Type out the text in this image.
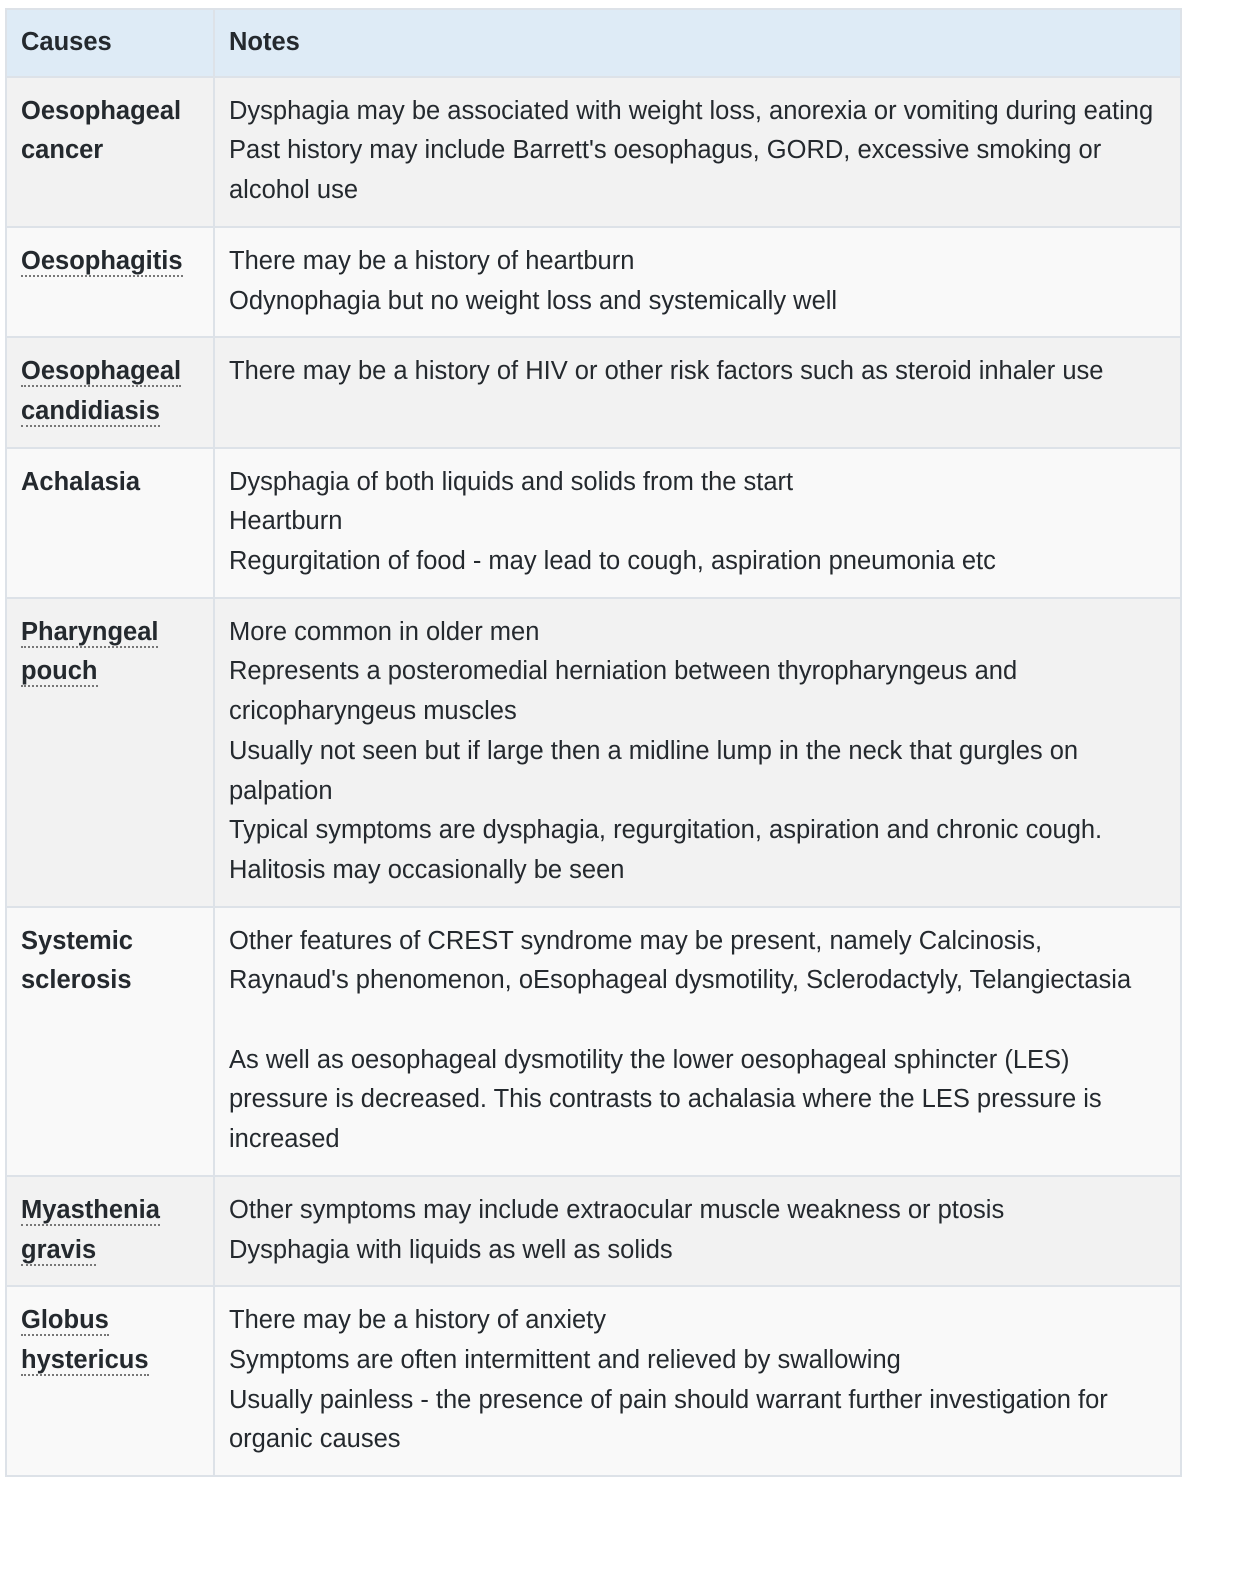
Causes	Notes
Oesophageal cancer	Dysphagia may be associated with weight loss, anorexia or vomiting during eating
Past history may include Barrett's oesophagus, GORD, excessive smoking or alcohol use

Oesophagitis	There may be a history of heartburn
Odynophagia but no weight loss and systemically well

Oesophageal candidiasis	There may be a history of HIV or other risk factors such as steroid inhaler use

Achalasia	Dysphagia of both liquids and solids from the start
Heartburn
Regurgitation of food - may lead to cough, aspiration pneumonia etc

Pharyngeal pouch	More common in older men
Represents a posteromedial herniation between thyropharyngeus and cricopharyngeus muscles
Usually not seen but if large then a midline lump in the neck that gurgles on palpation
Typical symptoms are dysphagia, regurgitation, aspiration and chronic cough. Halitosis may occasionally be seen

Systemic sclerosis	Other features of CREST syndrome may be present, namely Calcinosis, Raynaud's phenomenon, oEsophageal dysmotility, Sclerodactyly, Telangiectasia
As well as oesophageal dysmotility the lower oesophageal sphincter (LES) pressure is decreased. This contrasts to achalasia where the LES pressure is increased

Myasthenia gravis	Other symptoms may include extraocular muscle weakness or ptosis
Dysphagia with liquids as well as solids

Globus hystericus	There may be a history of anxiety
Symptoms are often intermittent and relieved by swallowing
Usually painless - the presence of pain should warrant further investigation for organic causes
